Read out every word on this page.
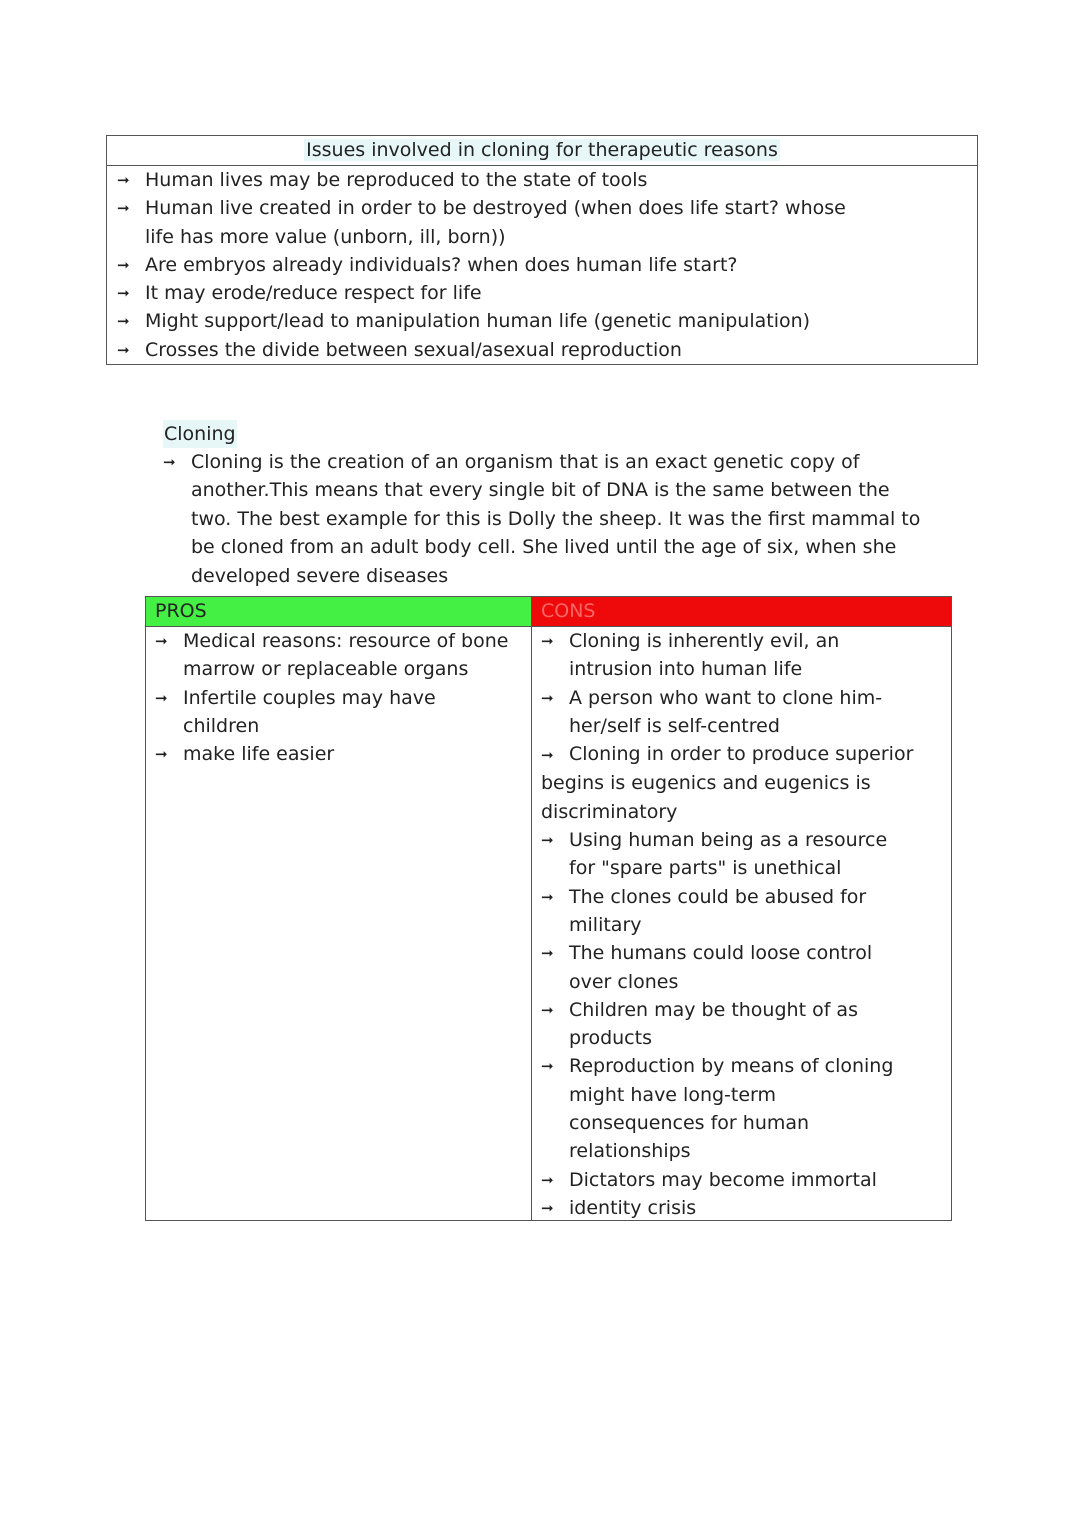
Issues involved in cloning for therapeutic reasons
➞ Human lives may be reproduced to the state of tools
➞ Human live created in order to be destroyed (when does life start? whose life has more value (unborn, ill, born))
➞ Are embryos already individuals? when does human life start?
➞ It may erode/reduce respect for life
➞ Might support/lead to manipulation human life (genetic manipulation)
➞ Crosses the divide between sexual/asexual reproduction
Cloning
➞ Cloning is the creation of an organism that is an exact genetic copy of another.This means that every single bit of DNA is the same between the two. The best example for this is Dolly the sheep. It was the first mammal to be cloned from an adult body cell. She lived until the age of six, when she developed severe diseases
PROS
➞ Medical reasons: resource of bone marrow or replaceable organs
➞ Infertile couples may have children
➞ make life easier
CONS
➞ Cloning is inherently evil, an intrusion into human life
➞ A person who want to clone him-her/self is self-centred
➞ Cloning in order to produce superior begins is eugenics and eugenics is discriminatory
➞ Using human being as a resource for "spare parts" is unethical
➞ The clones could be abused for military
➞ The humans could loose control over clones
➞ Children may be thought of as products
➞ Reproduction by means of cloning might have long-term consequences for human relationships
➞ Dictators may become immortal
➞ identity crisis
